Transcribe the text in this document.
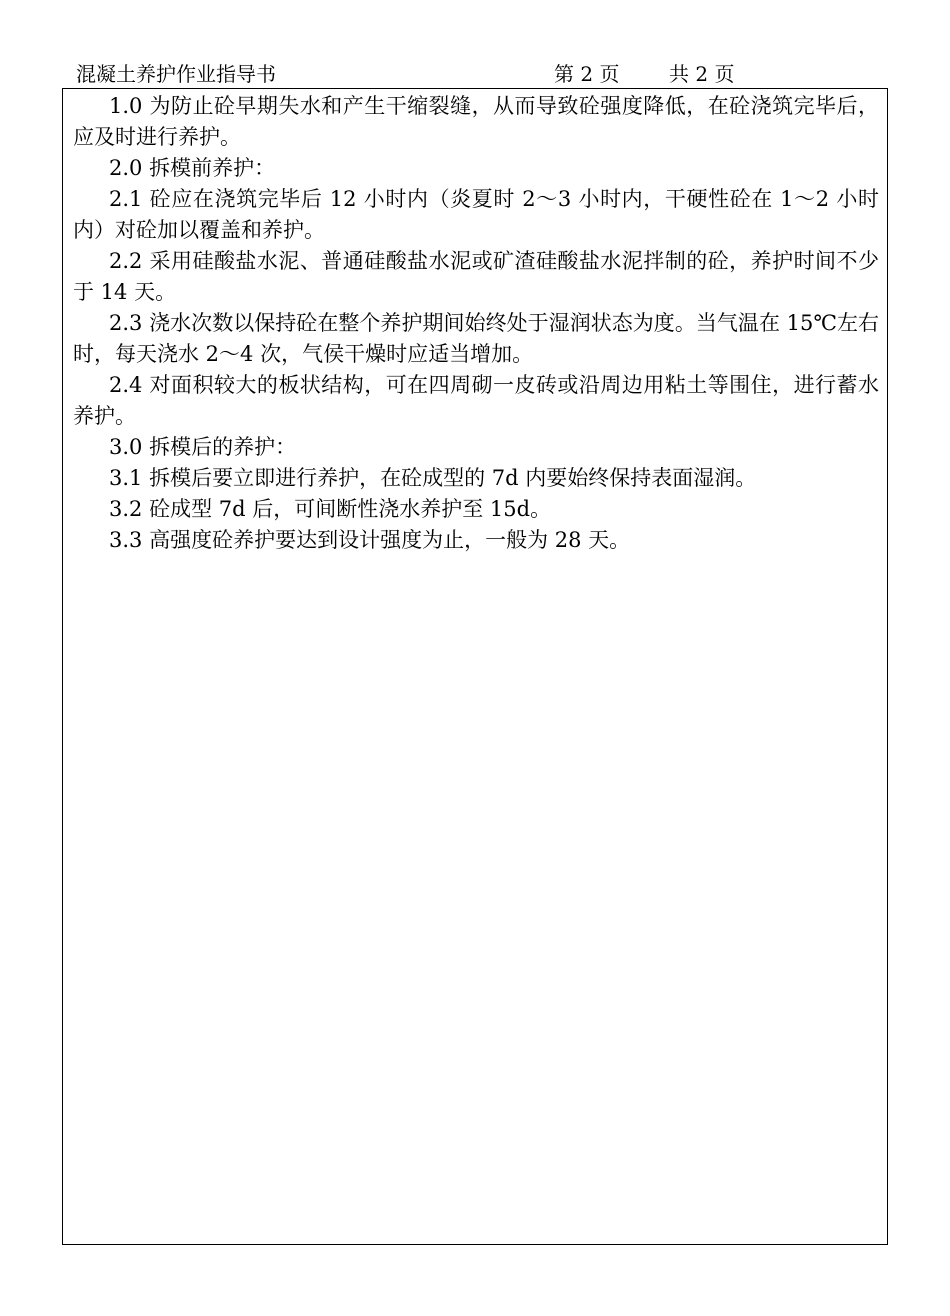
混凝土养护作业指导书	第 2 页 共 2 页

1.0 为防止砼早期失水和产生干缩裂缝，从而导致砼强度降低，在砼浇筑完毕后，应及时进行养护。

2.0 拆模前养护：

2.1 砼应在浇筑完毕后 12 小时内（炎夏时 2～3 小时内，干硬性砼在 1～2 小时内）对砼加以覆盖和养护。

2.2 采用硅酸盐水泥、普通硅酸盐水泥或矿渣硅酸盐水泥拌制的砼，养护时间不少于 14 天。

2.3 浇水次数以保持砼在整个养护期间始终处于湿润状态为度。当气温在 15℃左右时，每天浇水 2～4 次，气侯干燥时应适当增加。

2.4 对面积较大的板状结构，可在四周砌一皮砖或沿周边用粘土等围住，进行蓄水养护。

3.0 拆模后的养护：

3.1 拆模后要立即进行养护，在砼成型的 7d 内要始终保持表面湿润。

3.2 砼成型 7d 后，可间断性浇水养护至 15d。

3.3 高强度砼养护要达到设计强度为止，一般为 28 天。
